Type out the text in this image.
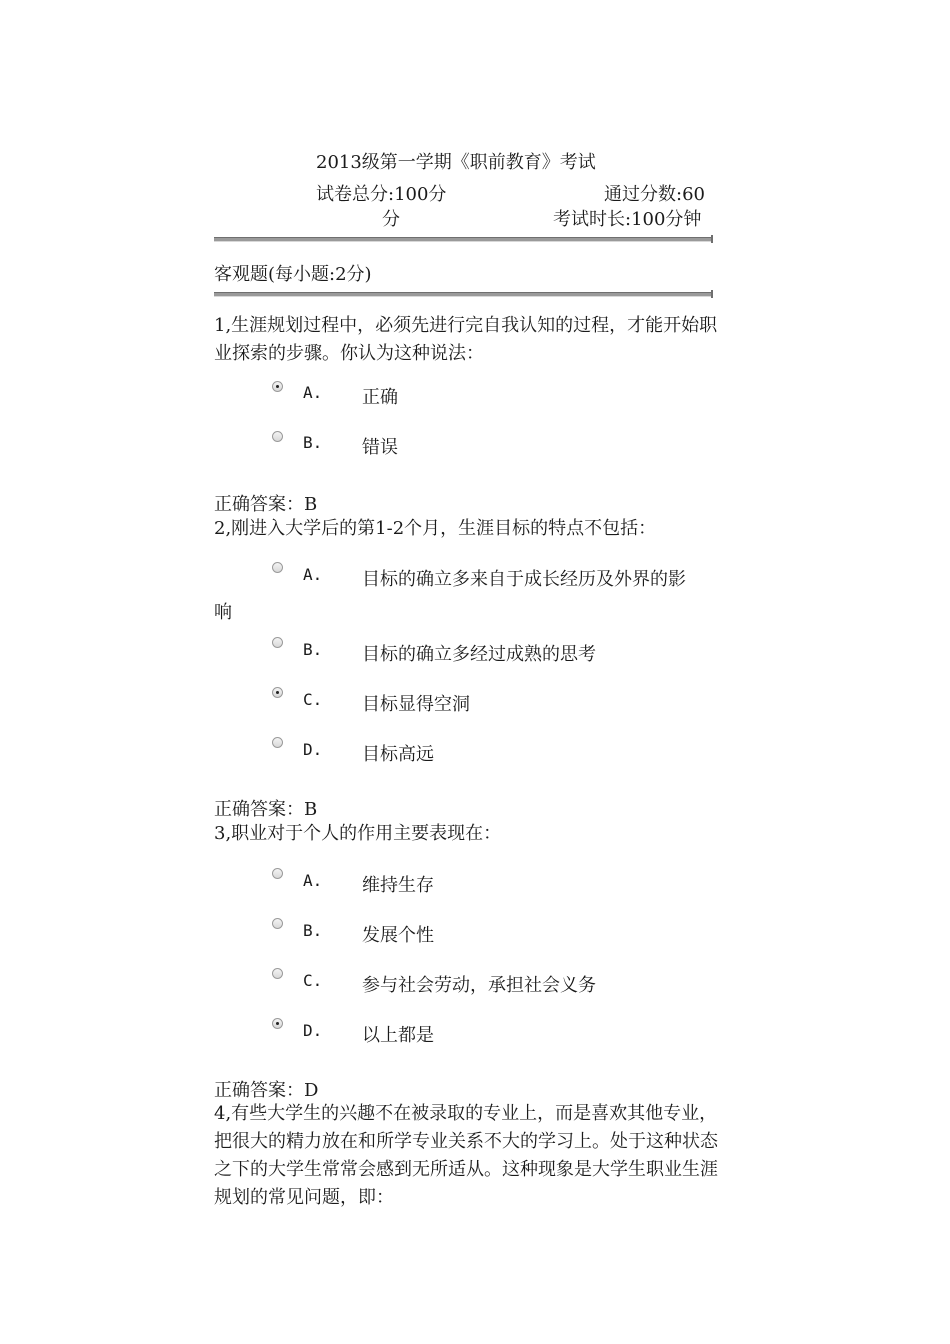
2013级第一学期《职前教育》考试
试卷总分:100分	通过分数:60
分	考试时长:100分钟
客观题(每小题:2分)
1,生涯规划过程中，必须先进行完自我认知的过程，才能开始职业探索的步骤。你认为这种说法：
A. 正确
B. 错误
正确答案：B
2,刚进入大学后的第1-2个月，生涯目标的特点不包括：
A. 目标的确立多来自于成长经历及外界的影
响
B. 目标的确立多经过成熟的思考
C. 目标显得空洞
D. 目标高远
正确答案：B
3,职业对于个人的作用主要表现在：
A. 维持生存
B. 发展个性
C. 参与社会劳动，承担社会义务
D. 以上都是
正确答案：D
4,有些大学生的兴趣不在被录取的专业上，而是喜欢其他专业，把很大的精力放在和所学专业关系不大的学习上。处于这种状态之下的大学生常常会感到无所适从。这种现象是大学生职业生涯规划的常见问题，即：
